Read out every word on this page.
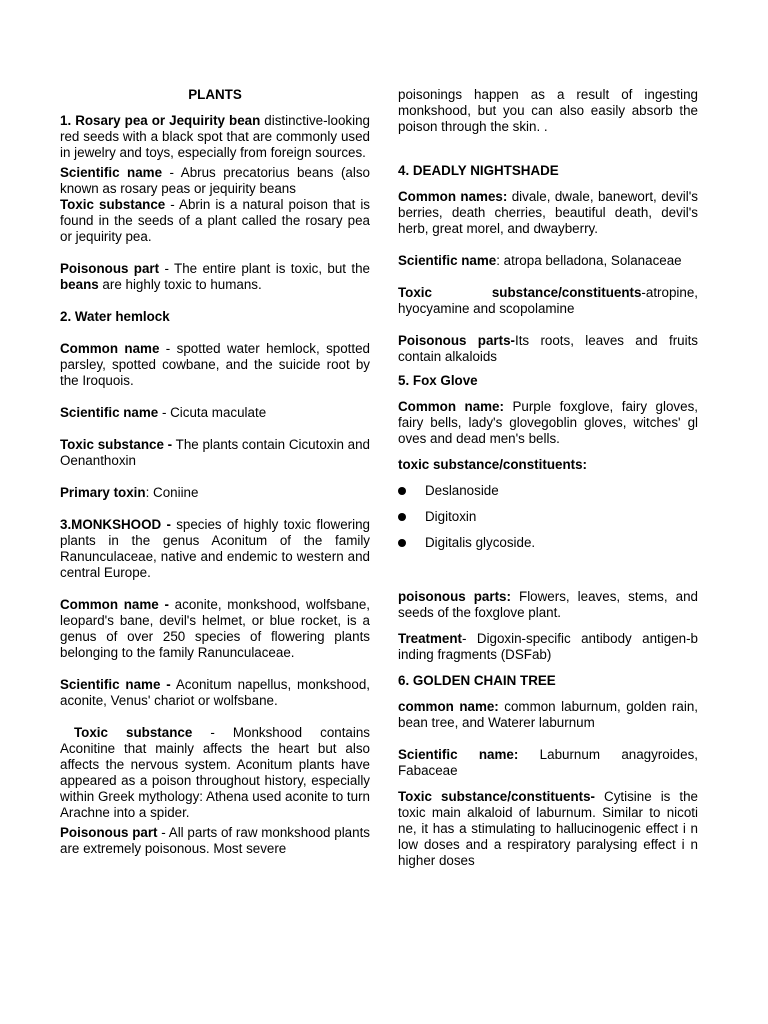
PLANTS
1. Rosary pea or Jequirity bean distinctive-looking red seeds with a black spot that are commonly used in jewelry and toys, especially from foreign sources.
Scientific name - Abrus precatorius beans (also known as rosary peas or jequirity beans
Toxic substance - Abrin is a natural poison that is found in the seeds of a plant called the rosary pea or jequirity pea.
Poisonous part - The entire plant is toxic, but the beans are highly toxic to humans.
2. Water hemlock
Common name - spotted water hemlock, spotted parsley, spotted cowbane, and the suicide root by the Iroquois.
Scientific name - Cicuta maculate
Toxic substance - The plants contain Cicutoxin and Oenanthoxin
Primary toxin: Coniine
3.MONKSHOOD - species of highly toxic flowering plants in the genus Aconitum of the family Ranunculaceae, native and endemic to western and central Europe.
Common name - aconite, monkshood, wolfsbane, leopard's bane, devil's helmet, or blue rocket, is a genus of over 250 species of flowering plants belonging to the family Ranunculaceae.
Scientific name - Aconitum napellus, monkshood, aconite, Venus' chariot or wolfsbane.
Toxic substance - Monkshood contains Aconitine that mainly affects the heart but also affects the nervous system. Aconitum plants have appeared as a poison throughout history, especially within Greek mythology: Athena used aconite to turn Arachne into a spider.
Poisonous part - All parts of raw monkshood plants are extremely poisonous. Most severe
poisonings happen as a result of ingesting monkshood, but you can also easily absorb the poison through the skin. .
4. DEADLY NIGHTSHADE
Common names: divale, dwale, banewort, devil's berries, death cherries, beautiful death, devil's herb, great morel, and dwayberry.
Scientific name: atropa belladona, Solanaceae
Toxic substance/constituents-atropine, hyocyamine and scopolamine
Poisonous parts-Its roots, leaves and fruits contain alkaloids
5. Fox Glove
Common name: Purple foxglove, fairy gloves, fairy bells, lady's glovegoblin gloves, witches' gl oves and dead men's bells.
toxic substance/constituents:
Deslanoside
Digitoxin
Digitalis glycoside.
poisonous parts: Flowers, leaves, stems, and seeds of the foxglove plant.
Treatment- Digoxin-specific antibody antigen-b inding fragments (DSFab)
6. GOLDEN CHAIN TREE
common name: common laburnum, golden rain, bean tree, and Waterer laburnum
Scientific name: Laburnum anagyroides, Fabaceae
Toxic substance/constituents- Cytisine is the toxic main alkaloid of laburnum. Similar to nicoti ne, it has a stimulating to hallucinogenic effect i n low doses and a respiratory paralysing effect i n higher doses
